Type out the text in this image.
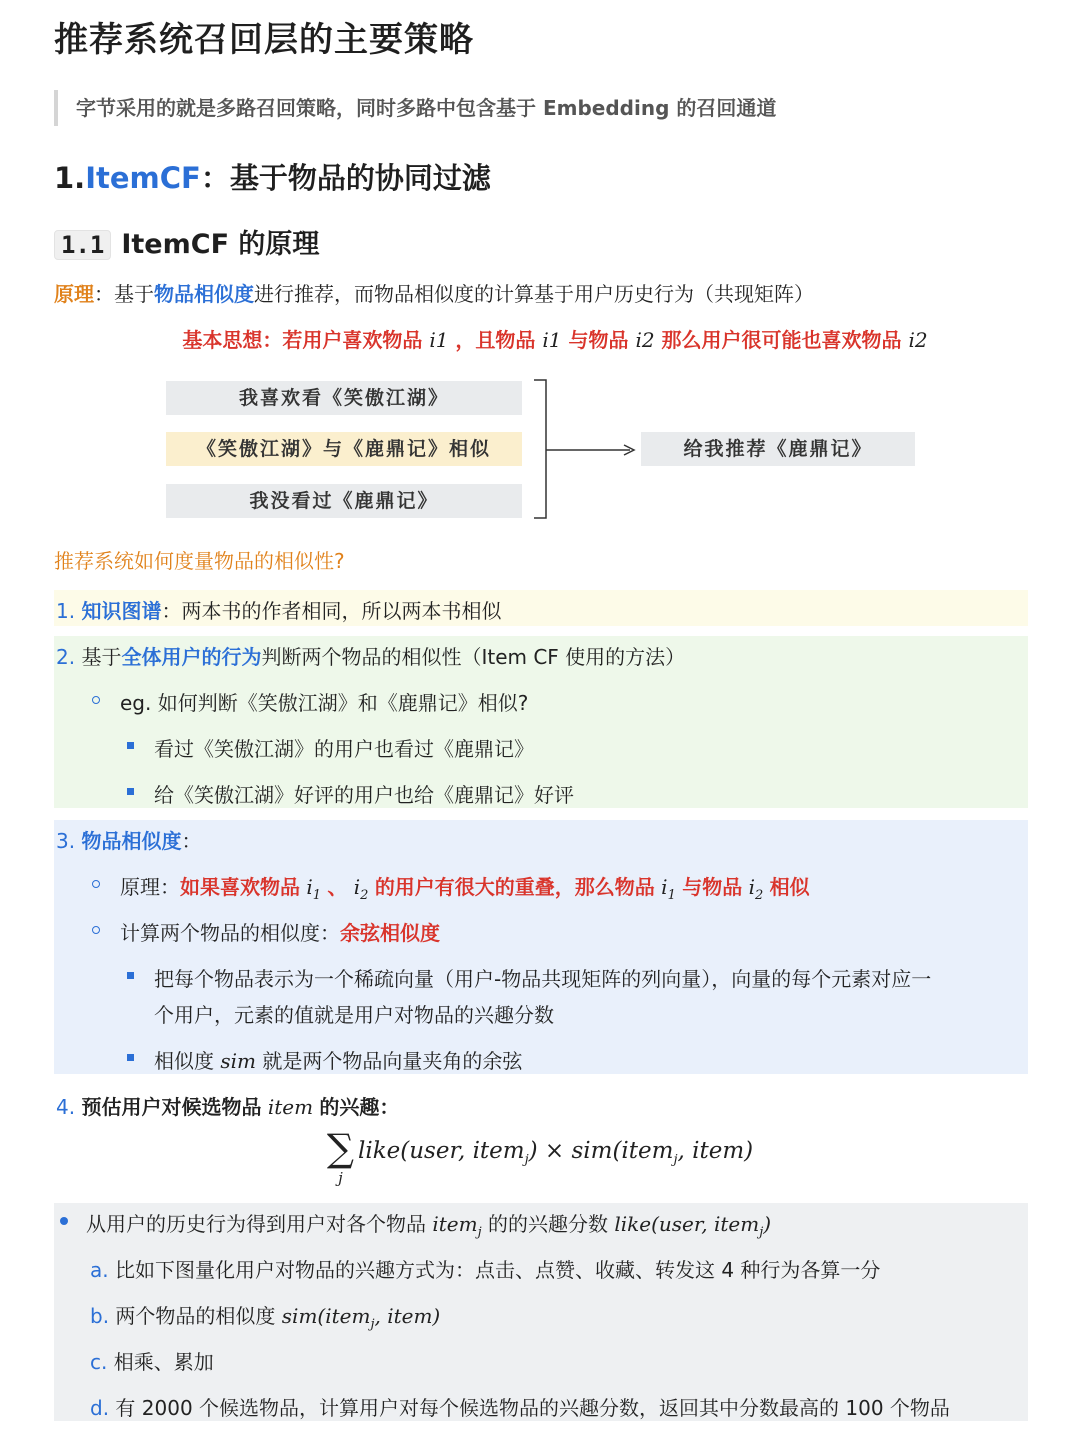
推荐系统召回层的主要策略
字节采用的就是多路召回策略，同时多路中包含基于 Embedding 的召回通道
1.ItemCF：基于物品的协同过滤
1.1 ItemCF 的原理
原理：基于物品相似度进行推荐，而物品相似度的计算基于用户历史行为（共现矩阵）
基本思想：若用户喜欢物品 i1 ，且物品 i1 与物品 i2 那么用户很可能也喜欢物品 i2
我喜欢看《笑傲江湖》
《笑傲江湖》与《鹿鼎记》相似
我没看过《鹿鼎记》
给我推荐《鹿鼎记》
推荐系统如何度量物品的相似性?
1. 知识图谱：两本书的作者相同，所以两本书相似
2. 基于全体用户的行为判断两个物品的相似性（Item CF 使用的方法）
eg. 如何判断《笑傲江湖》和《鹿鼎记》相似?
看过《笑傲江湖》的用户也看过《鹿鼎记》
给《笑傲江湖》好评的用户也给《鹿鼎记》好评
3. 物品相似度：
原理：如果喜欢物品 $i_1$ 、 $i_2$ 的用户有很大的重叠，那么物品 $i_1$ 与物品 $i_2$ 相似
计算两个物品的相似度：余弦相似度
把每个物品表示为一个稀疏向量（用户-物品共现矩阵的列向量），向量的每个元素对应一
个用户，元素的值就是用户对物品的兴趣分数
相似度 sim 就是两个物品向量夹角的余弦
4. 预估用户对候选物品 item 的兴趣：
∑
j
like(user, item$_j$) × sim(item$_j$, item)
从用户的历史行为得到用户对各个物品 item$_j$ 的的兴趣分数 like(user, item$_j$)
a. 比如下图量化用户对物品的兴趣方式为：点击、点赞、收藏、转发这 4 种行为各算一分
b. 两个物品的相似度 sim(item$_j$, item)
c. 相乘、累加
d. 有 2000 个候选物品，计算用户对每个候选物品的兴趣分数，返回其中分数最高的 100 个物品
